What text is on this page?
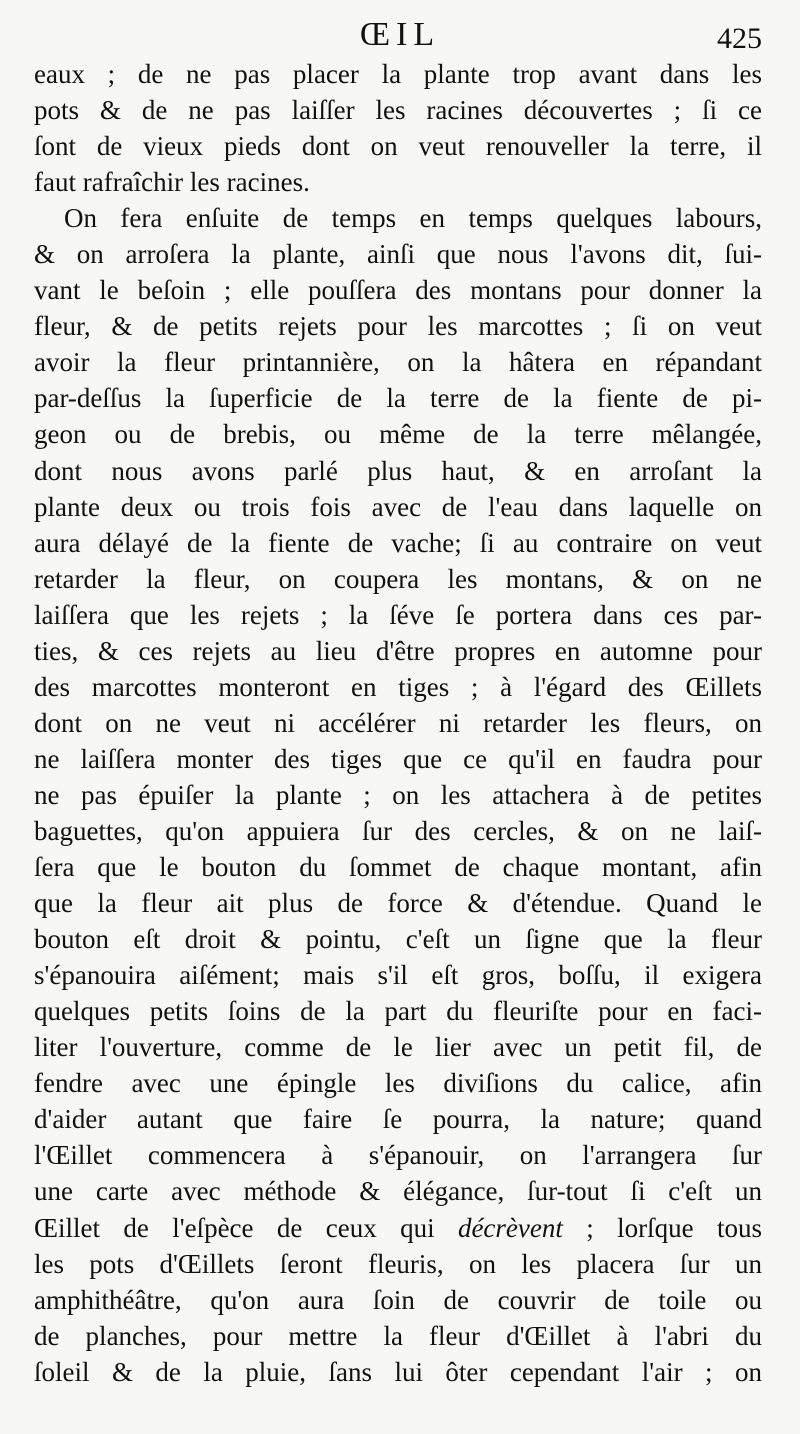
ŒIL	425
eaux ; de ne pas placer la plante trop avant dans les
pots & de ne pas laiſſer les racines découvertes ; ſi ce
ſont de vieux pieds dont on veut renouveller la terre, il
faut rafraîchir les racines.
On fera enſuite de temps en temps quelques labours,
& on arroſera la plante, ainſi que nous l'avons dit, ſui-
vant le beſoin ; elle pouſſera des montans pour donner la
fleur, & de petits rejets pour les marcottes ; ſi on veut
avoir la fleur printannière, on la hâtera en répandant
par-deſſus la ſuperficie de la terre de la fiente de pi-
geon ou de brebis, ou même de la terre mêlangée,
dont nous avons parlé plus haut, & en arroſant la
plante deux ou trois fois avec de l'eau dans laquelle on
aura délayé de la fiente de vache; ſi au contraire on veut
retarder la fleur, on coupera les montans, & on ne
laiſſera que les rejets ; la ſéve ſe portera dans ces par-
ties, & ces rejets au lieu d'être propres en automne pour
des marcottes monteront en tiges ; à l'égard des Œillets
dont on ne veut ni accélérer ni retarder les fleurs, on
ne laiſſera monter des tiges que ce qu'il en faudra pour
ne pas épuiſer la plante ; on les attachera à de petites
baguettes, qu'on appuiera ſur des cercles, & on ne laiſ-
ſera que le bouton du ſommet de chaque montant, afin
que la fleur ait plus de force & d'étendue. Quand le
bouton eſt droit & pointu, c'eſt un ſigne que la fleur
s'épanouira aiſément; mais s'il eſt gros, boſſu, il exigera
quelques petits ſoins de la part du fleuriſte pour en faci-
liter l'ouverture, comme de le lier avec un petit fil, de
fendre avec une épingle les diviſions du calice, afin
d'aider autant que faire ſe pourra, la nature; quand
l'Œillet commencera à s'épanouir, on l'arrangera ſur
une carte avec méthode & élégance, ſur-tout ſi c'eſt un
Œillet de l'eſpèce de ceux qui décrèvent ; lorſque tous
les pots d'Œillets ſeront fleuris, on les placera ſur un
amphithéâtre, qu'on aura ſoin de couvrir de toile ou
de planches, pour mettre la fleur d'Œillet à l'abri du
ſoleil & de la pluie, ſans lui ôter cependant l'air ; on
